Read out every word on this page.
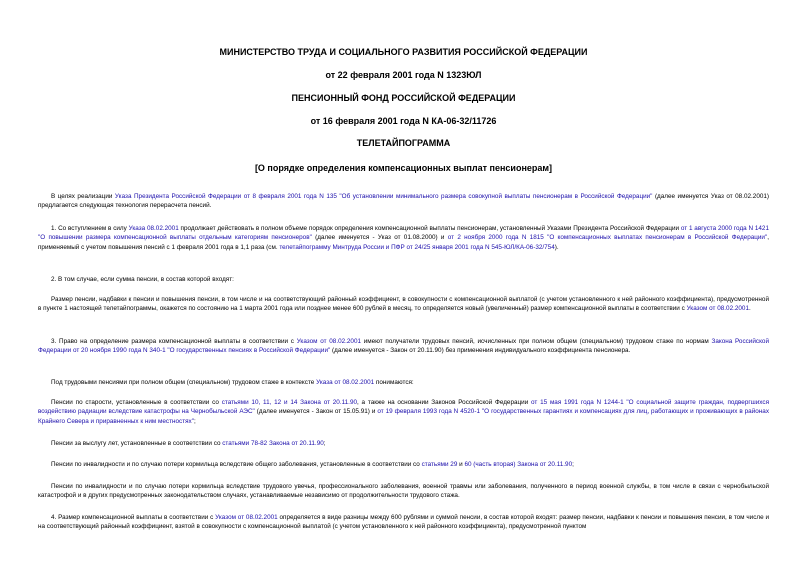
МИНИСТЕРСТВО ТРУДА И СОЦИАЛЬНОГО РАЗВИТИЯ РОССИЙСКОЙ ФЕДЕРАЦИИ
от 22 февраля 2001 года N 1323ЮЛ
ПЕНСИОННЫЙ ФОНД РОССИЙСКОЙ ФЕДЕРАЦИИ
от 16 февраля 2001 года N КА-06-32/11726
ТЕЛЕТАЙПОГРАММА
[О порядке определения компенсационных выплат пенсионерам]
В целях реализации Указа Президента Российской Федерации от 8 февраля 2001 года N 135 "Об установлении минимального размера совокупной выплаты пенсионерам в Российской Федерации" (далее именуется Указ от 08.02.2001) предлагается следующая технология перерасчета пенсий.
1. Со вступлением в силу Указа 08.02.2001 продолжает действовать в полном объеме порядок определения компенсационной выплаты пенсионерам, установленный Указами Президента Российской Федерации от 1 августа 2000 года N 1421 "О повышении размера компенсационной выплаты отдельным категориям пенсионеров" (далее именуется - Указ от 01.08.2000) и от 2 ноября 2000 года N 1815 "О компенсационных выплатах пенсионерам в Российской Федерации", применяемый с учетом повышения пенсий с 1 февраля 2001 года в 1,1 раза (см. телетайпограмму Минтруда России и ПФР от 24/25 января 2001 года N 545-ЮЛ/КА-06-32/754).
2. В том случае, если сумма пенсии, в состав которой входят:
Размер пенсии, надбавки к пенсии и повышения пенсии, в том числе и на соответствующий районный коэффициент, в совокупности с компенсационной выплатой (с учетом установленного к ней районного коэффициента), предусмотренной в пункте 1 настоящей телетайпограммы, окажется по состоянию на 1 марта 2001 года или позднее менее 600 рублей в месяц, то определяется новый (увеличенный) размер компенсационной выплаты в соответствии с Указом от 08.02.2001.
3. Право на определение размера компенсационной выплаты в соответствии с Указом от 08.02.2001 имеют получатели трудовых пенсий, исчисленных при полном общем (специальном) трудовом стаже по нормам Закона Российской Федерации от 20 ноября 1990 года N 340-1 "О государственных пенсиях в Российской Федерации" (далее именуется - Закон от 20.11.90) без применения индивидуального коэффициента пенсионера.
Под трудовыми пенсиями при полном общем (специальном) трудовом стаже в контексте Указа от 08.02.2001 понимаются:
Пенсии по старости, установленные в соответствии со статьями 10, 11, 12 и 14 Закона от 20.11.90, а также на основании Законов Российской Федерации от 15 мая 1991 года N 1244-1 "О социальной защите граждан, подвергшихся воздействию радиации вследствие катастрофы на Чернобыльской АЭС" (далее именуется - Закон от 15.05.91) и от 19 февраля 1993 года N 4520-1 "О государственных гарантиях и компенсациях для лиц, работающих и проживающих в районах Крайнего Севера и приравненных к ним местностях";
Пенсии за выслугу лет, установленные в соответствии со статьями 78-82 Закона от 20.11.90;
Пенсии по инвалидности и по случаю потери кормильца вследствие общего заболевания, установленные в соответствии со статьями 29 и 60 (часть вторая) Закона от 20.11.90;
Пенсии по инвалидности и по случаю потери кормильца вследствие трудового увечья, профессионального заболевания, военной травмы или заболевания, полученного в период военной службы, в том числе в связи с чернобыльской катастрофой и в других предусмотренных законодательством случаях, устанавливаемые независимо от продолжительности трудового стажа.
4. Размер компенсационной выплаты в соответствии с Указом от 08.02.2001 определяется в виде разницы между 600 рублями и суммой пенсии, в состав которой входят: размер пенсии, надбавки к пенсии и повышения пенсии, в том числе и на соответствующий районный коэффициент, взятой в совокупности с компенсационной выплатой (с учетом установленного к ней районного коэффициента), предусмотренной пунктом
